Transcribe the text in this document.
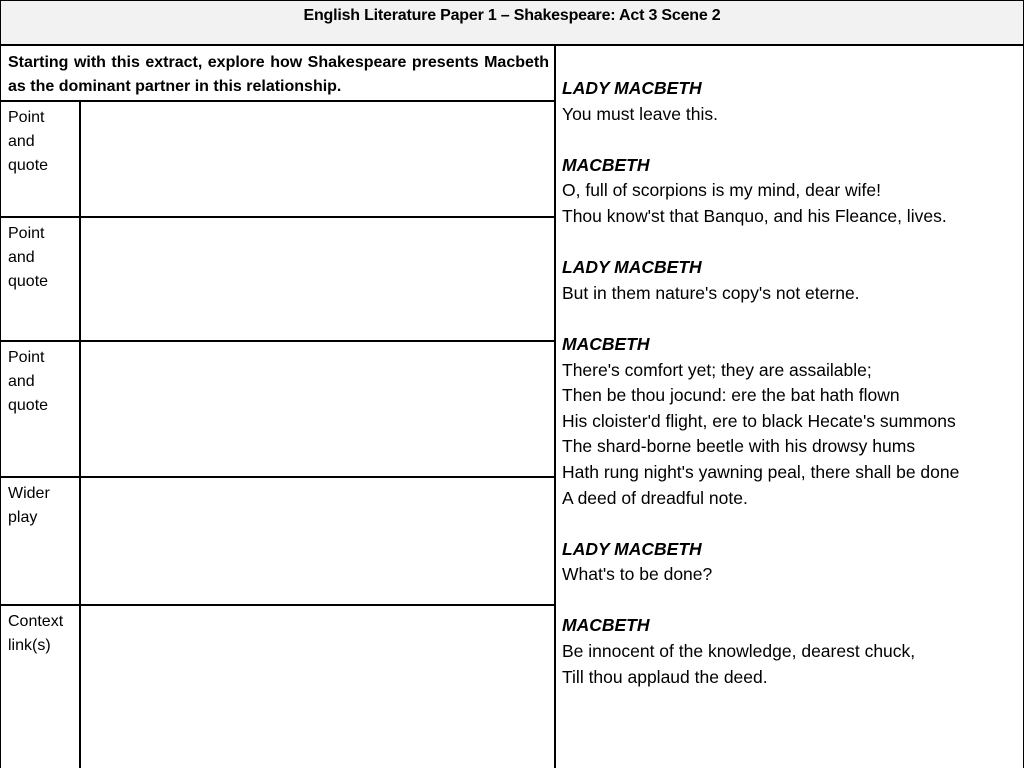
English Literature Paper 1 – Shakespeare: Act 3 Scene 2
Starting with this extract, explore how Shakespeare presents Macbeth as the dominant partner in this relationship.
Point
and
quote
Point
and
quote
Point
and
quote
Wider
play
Context
link(s)
LADY MACBETH
You must leave this.
MACBETH
O, full of scorpions is my mind, dear wife!
Thou know'st that Banquo, and his Fleance, lives.
LADY MACBETH
But in them nature's copy's not eterne.
MACBETH
There's comfort yet; they are assailable;
Then be thou jocund: ere the bat hath flown
His cloister'd flight, ere to black Hecate's summons
The shard-borne beetle with his drowsy hums
Hath rung night's yawning peal, there shall be done
A deed of dreadful note.
LADY MACBETH
What's to be done?
MACBETH
Be innocent of the knowledge, dearest chuck,
Till thou applaud the deed.
